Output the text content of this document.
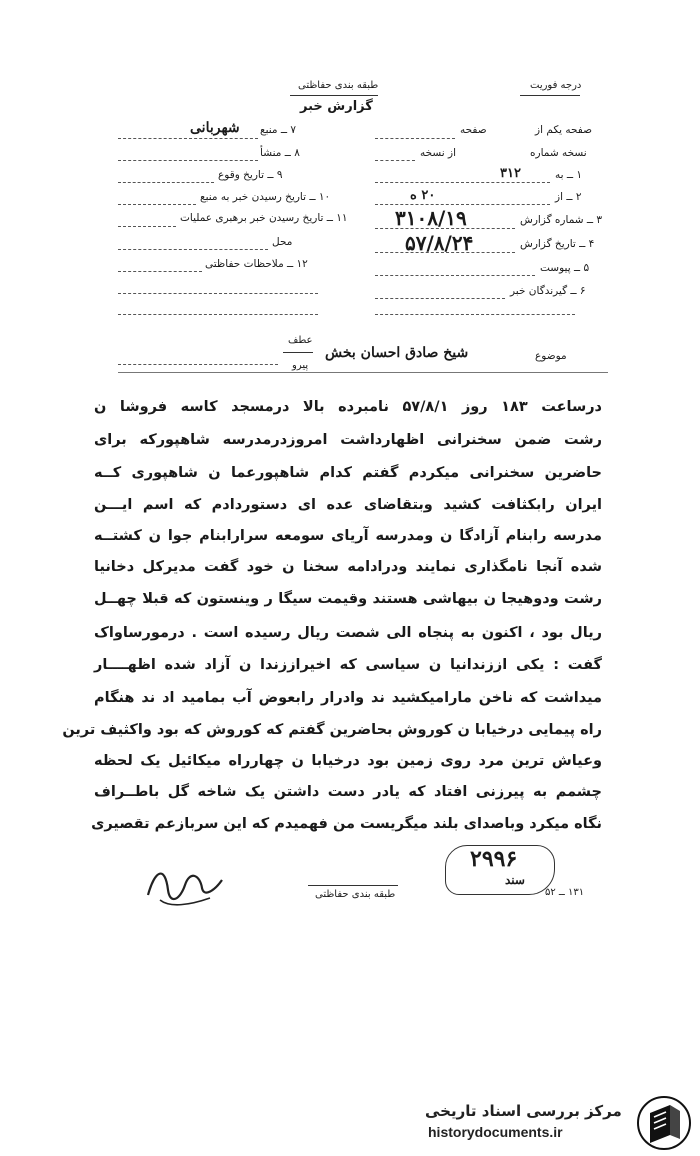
طبقه بندی حفاظتی	درجه فوریت
گزارش خبر
۷ ــ منبع
شهربانی
۸ ــ منشأ
۹ ــ تاریخ وقوع
۱۰ ــ تاریخ رسیدن خبر به منبع
۱۱ ــ تاریخ رسیدن خبر برهبری عملیات
محل
۱۲ ــ ملاحظات حفاظتی
صفحه یکم از
صفحه
نسخه شماره
از نسخه
۱ ــ به
۳۱۲
۲ ــ از
۲۰ ه
۳ ــ شماره گزارش
۳۱۰۸/۱۹
۴ ــ تاریخ گزارش
۵۷/۸/۲۴
۵ ــ پیوست
۶ ــ گیرندگان خبر
عطف
پیرو
موضوع
شیخ صادق احسان بخش
درساعت ۱۸۳ روز ۵۷/۸/۱ نامبرده بالا درمسجد کاسه فروشا ن
رشت ضمن سخنرانی اظهارداشت امروزدرمدرسه شاهپورکه برای
حاضرین سخنرانی میکردم گفتم کدام شاهپورعما ن شاهپوری کــه
ایران رابکثافت کشید وبتقاضای عده ای دستوردادم که اسم ایـــن
مدرسه رابنام آزادگا ن ومدرسه آریای سومعه سرارابنام جوا ن کشتــه
شده آنجا نامگذاری نمایند ودرادامه سخنا ن خود گفت مدیرکل دخانیا
رشت ودوهیجا ن بیهاشی هستند وقیمت سیگا ر وینستون که قبلا چهــل
ریال بود ، اکنون به پنجاه الی شصت ریال رسیده است . درمورساواک
گفت : یکی اززندانیا ن سیاسی که اخیراززندا ن آزاد شده اظهــــار
میداشت که ناخن مارامیکشید ند وادرار رابعوض آب بمامید اد ند هنگام
راه پیمایی درخیابا ن کوروش بحاضرین گفتم که کوروش که بود واکثیف ترین
وعیاش ترین مرد روی زمین بود درخیابا ن چهارراه میکائیل یک لحظه
چشمم به پیرزنی افتاد که یادر دست داشتن یک شاخه گل باطــراف
نگاه میکرد وباصدای بلند میگریست من فهمیدم که این سربازعم تقصیری
۲۹۹۶
سند
۱۳۱ ــ ۵۲
طبقه بندی حفاظتی
مرکز بررسی اسناد تاریخی
historydocuments.ir
